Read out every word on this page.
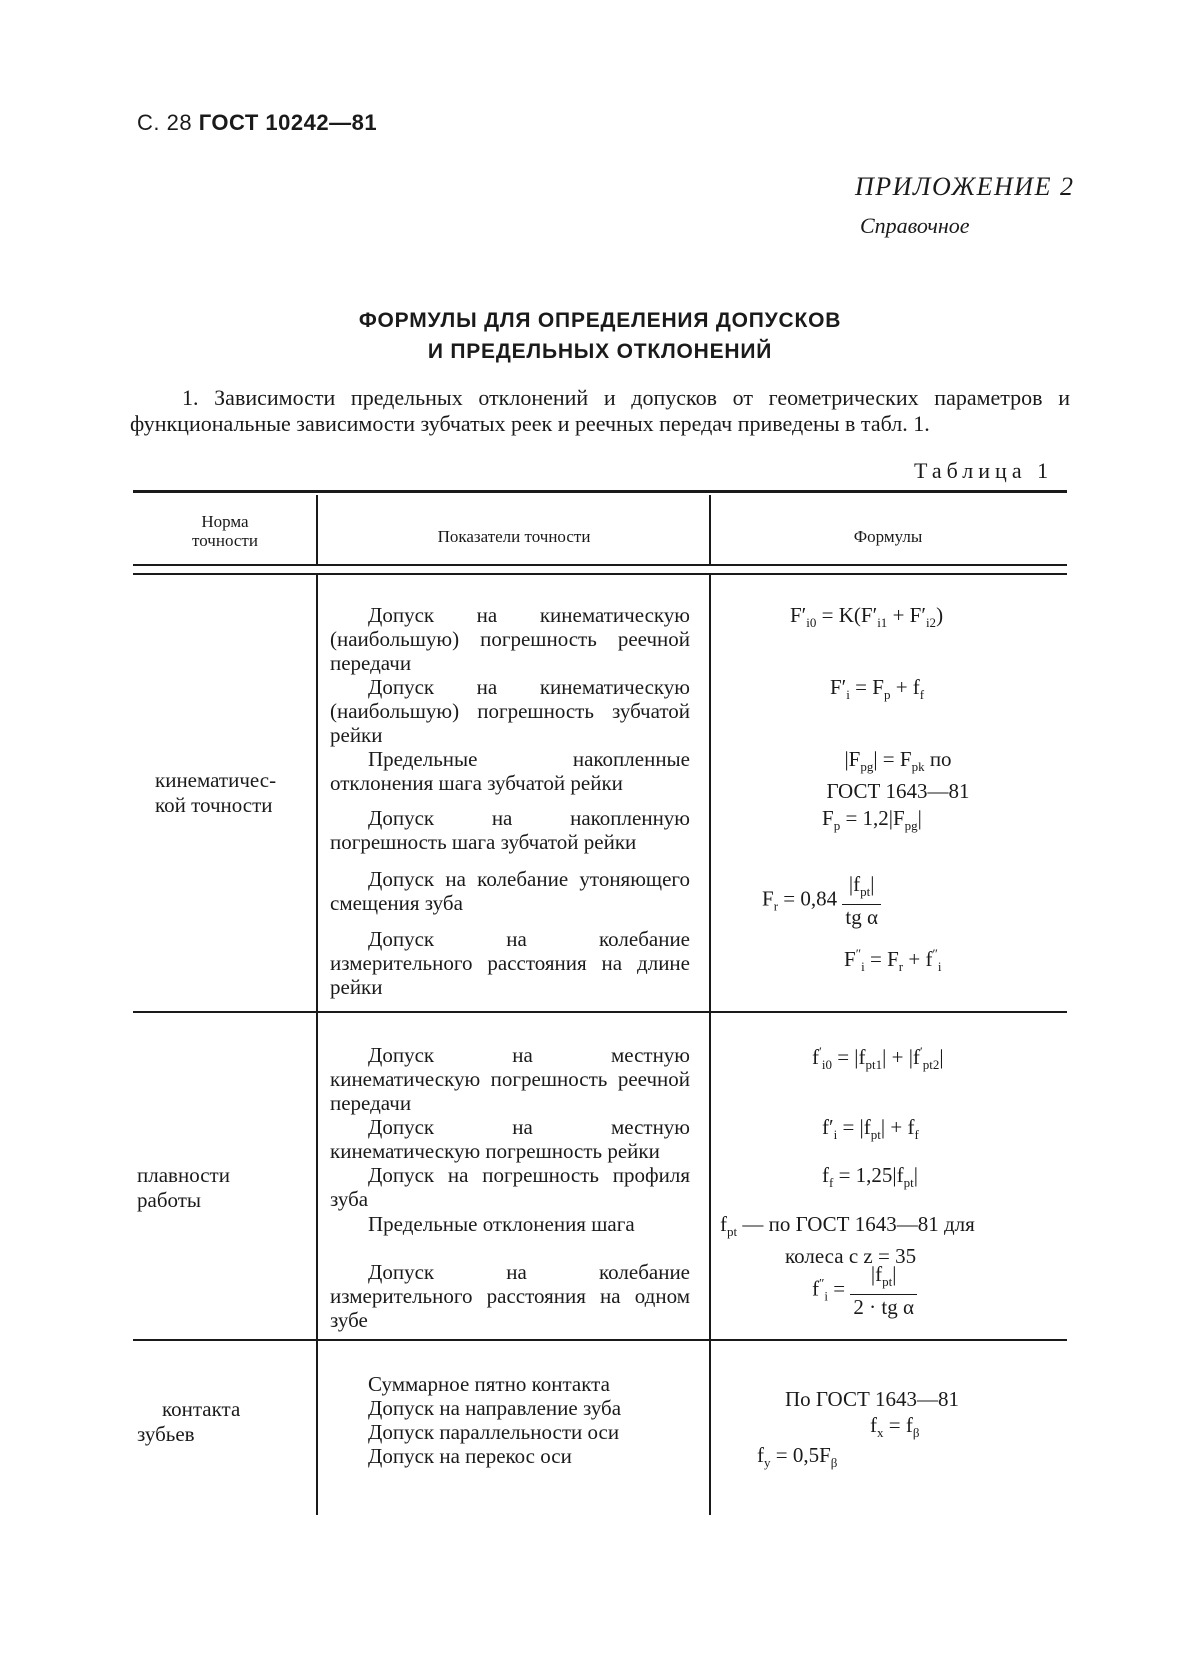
С. 28 ГОСТ 10242—81
ПРИЛОЖЕНИЕ 2
Справочное
ФОРМУЛЫ ДЛЯ ОПРЕДЕЛЕНИЯ ДОПУСКОВ
И ПРЕДЕЛЬНЫХ ОТКЛОНЕНИЙ
1. Зависимости предельных отклонений и допусков от геометрических параметров и функциональные зависимости зубчатых реек и реечных передач приведены в табл. 1.
Таблица 1
Норма
точности	Показатели точности	Формулы
кинематичес-
кой точности
Допуск на кинематическую (наибольшую) погрешность реечной передачи
Допуск на кинематическую (наибольшую) погрешность зубчатой рейки
Предельные накопленные отклонения шага зубчатой рейки
Допуск на накопленную погрешность шага зубчатой рейки
Допуск на колебание утоняющего смещения зуба
Допуск на колебание измерительного расстояния на длине рейки
$F'_{i0} = K(F'_{i1} + F'_{i2})$
$F'_i = F_p + f_f$
$|F_{pg}| = F_{pk}$ по
ГОСТ 1643—81
$F_p = 1,2|F_{pg}|$
$F_r = 0,84 \frac{|f_{pt}|}{\text{tg α}}$
$F''_i = F_r + f''_i$
плавности
работы
Допуск на местную кинематическую погрешность реечной передачи
Допуск на местную кинематическую погрешность рейки
Допуск на погрешность профиля зуба
Предельные отклонения шага
Допуск на колебание измерительного расстояния на одном зубе
$f'_{i0} = |f_{pt1}| + |f'_{pt2}|$
$f'_i = |f_{pt}| + f_f$
$f_f = 1,25|f_{pt}|$
$f_{pt}$ — по ГОСТ 1643—81 для
колеса с z = 35
$f''_i = \frac{|f_{pt}|}{\text{2 · tg α}}$
контакта
зубьев
Суммарное пятно контакта
Допуск на направление зуба
Допуск параллельности оси
Допуск на перекос оси
По ГОСТ 1643—81
$f_x = f_\beta$
$f_y = 0,5F_\beta$
